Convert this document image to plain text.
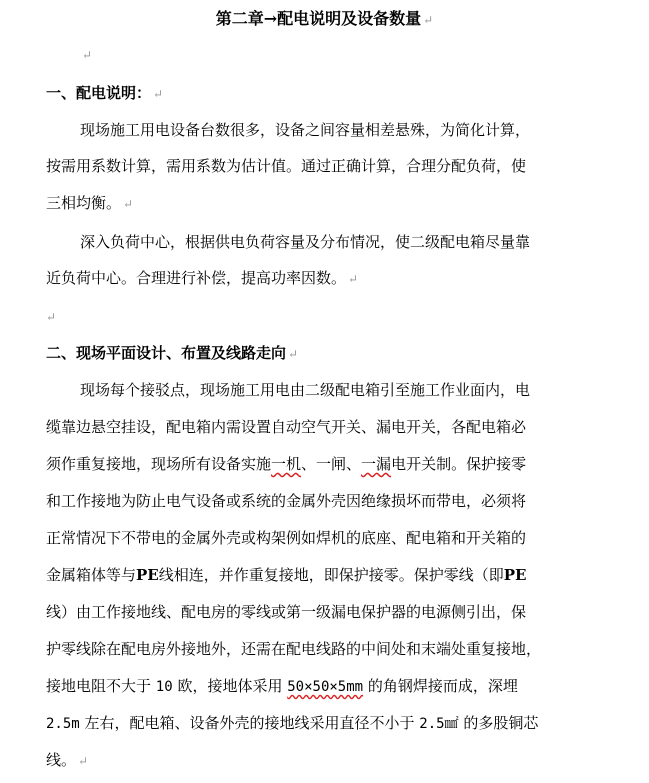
第二章→配电说明及设备数量 ↵
↵
一、配电说明： ↵
现场施工用电设备台数很多，设备之间容量相差悬殊，为简化计算，
按需用系数计算，需用系数为估计值。通过正确计算，合理分配负荷，使
三相均衡。 ↵
深入负荷中心，根据供电负荷容量及分布情况，使二级配电箱尽量靠
近负荷中心。合理进行补偿，提高功率因数。 ↵
↵
二、现场平面设计、布置及线路走向 ↵
现场每个接驳点，现场施工用电由二级配电箱引至施工作业面内，电
缆靠边悬空挂设，配电箱内需设置自动空气开关、漏电开关，各配电箱必
须作重复接地，现场所有设备实施一机、一闸、一漏电开关制。保护接零
和工作接地为防止电气设备或系统的金属外壳因绝缘损坏而带电，必须将
正常情况下不带电的金属外壳或构架例如焊机的底座、配电箱和开关箱的
金属箱体等与PE线相连，并作重复接地，即保护接零。保护零线（即PE
线）由工作接地线、配电房的零线或第一级漏电保护器的电源侧引出，保
护零线除在配电房外接地外，还需在配电线路的中间处和末端处重复接地，
接地电阻不大于 10 欧，接地体采用 50×50×5mm 的角钢焊接而成，深埋
2.5m 左右，配电箱、设备外壳的接地线采用直径不小于 2.5㎟ 的多股铜芯
线。 ↵
